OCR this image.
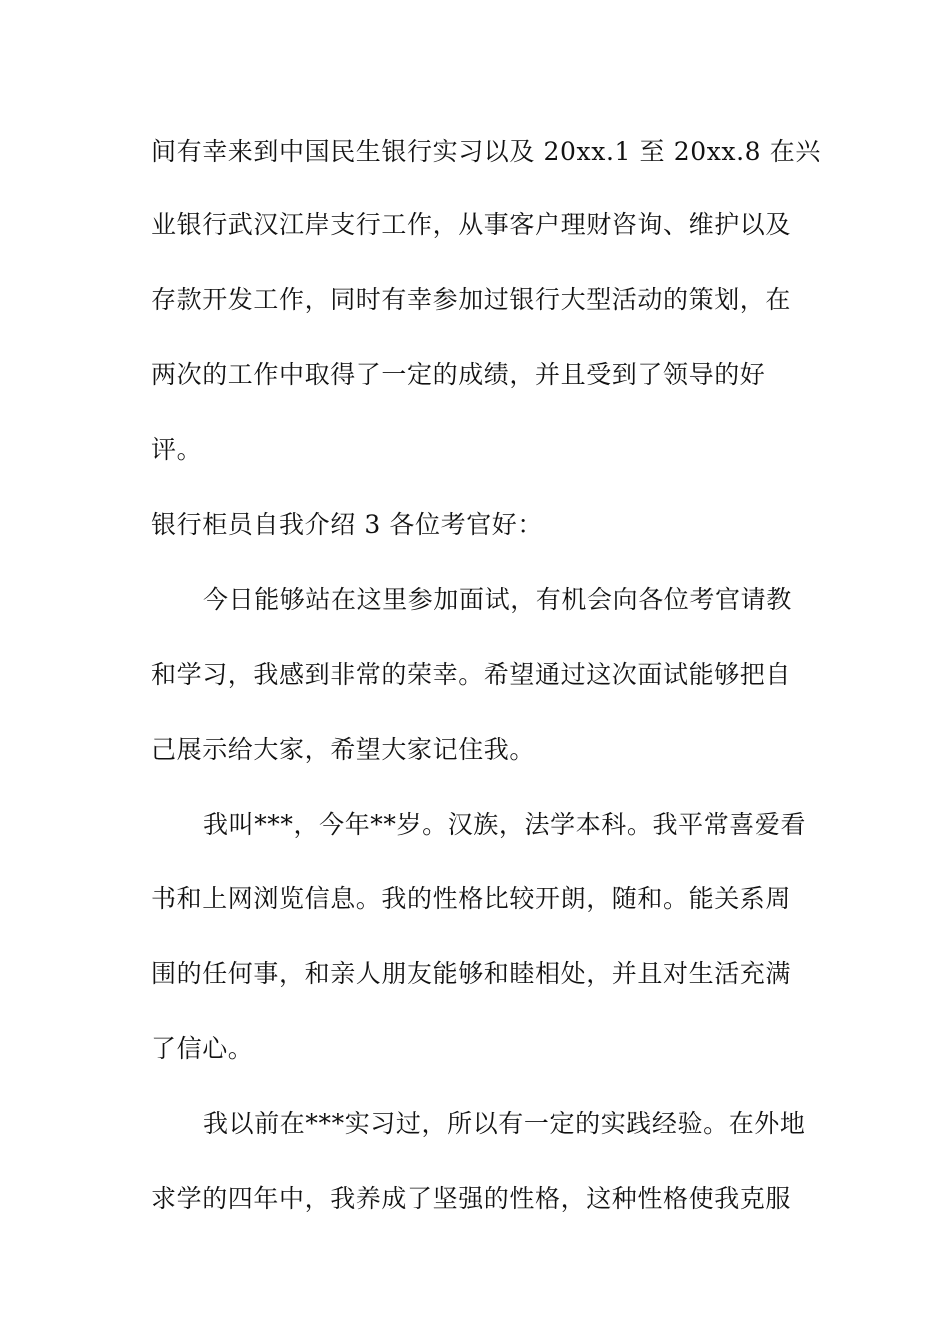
间有幸来到中国民生银行实习以及 20xx.1 至 20xx.8 在兴
业银行武汉江岸支行工作，从事客户理财咨询、维护以及
存款开发工作，同时有幸参加过银行大型活动的策划，在
两次的工作中取得了一定的成绩，并且受到了领导的好
评。
银行柜员自我介绍 3 各位考官好：
今日能够站在这里参加面试，有机会向各位考官请教
和学习，我感到非常的荣幸。希望通过这次面试能够把自
己展示给大家，希望大家记住我。
我叫***，今年**岁。汉族，法学本科。我平常喜爱看
书和上网浏览信息。我的性格比较开朗，随和。能关系周
围的任何事，和亲人朋友能够和睦相处，并且对生活充满
了信心。
我以前在***实习过，所以有一定的实践经验。在外地
求学的四年中，我养成了坚强的性格，这种性格使我克服
